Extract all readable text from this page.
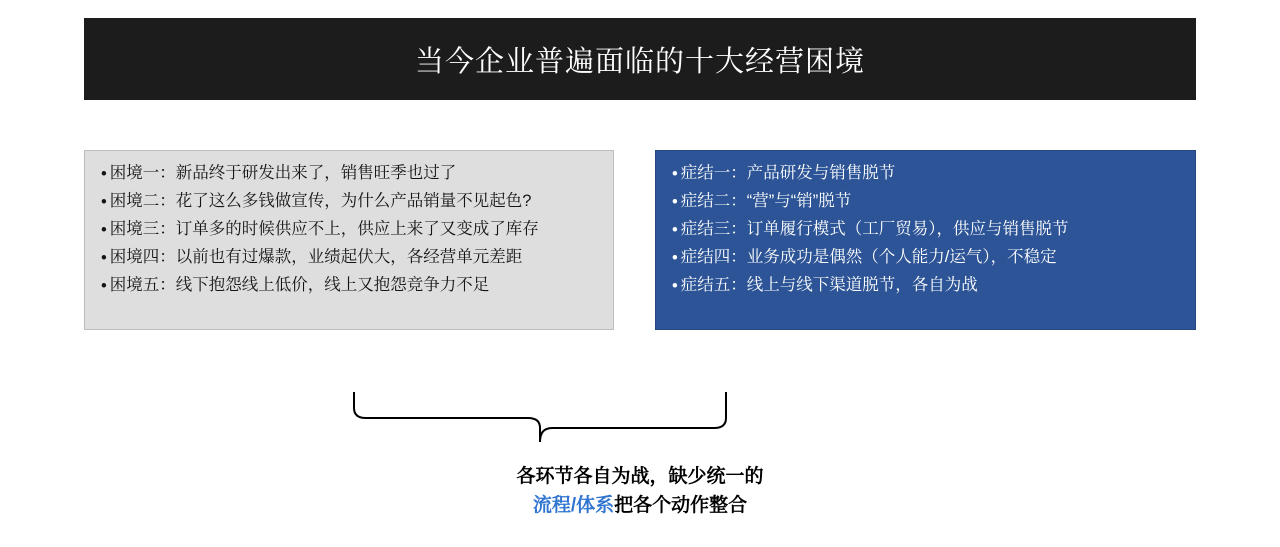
当今企业普遍面临的十大经营困境
• 困境一：新品终于研发出来了，销售旺季也过了
• 困境二：花了这么多钱做宣传，为什么产品销量不见起色?
• 困境三：订单多的时候供应不上，供应上来了又变成了库存
• 困境四：以前也有过爆款，业绩起伏大，各经营单元差距
• 困境五：线下抱怨线上低价，线上又抱怨竞争力不足
• 症结一：产品研发与销售脱节
• 症结二：“营”与“销”脱节
• 症结三：订单履行模式（工厂贸易），供应与销售脱节
• 症结四：业务成功是偶然（个人能力/运气），不稳定
• 症结五：线上与线下渠道脱节，各自为战
各环节各自为战，缺少统一的
流程/体系把各个动作整合
